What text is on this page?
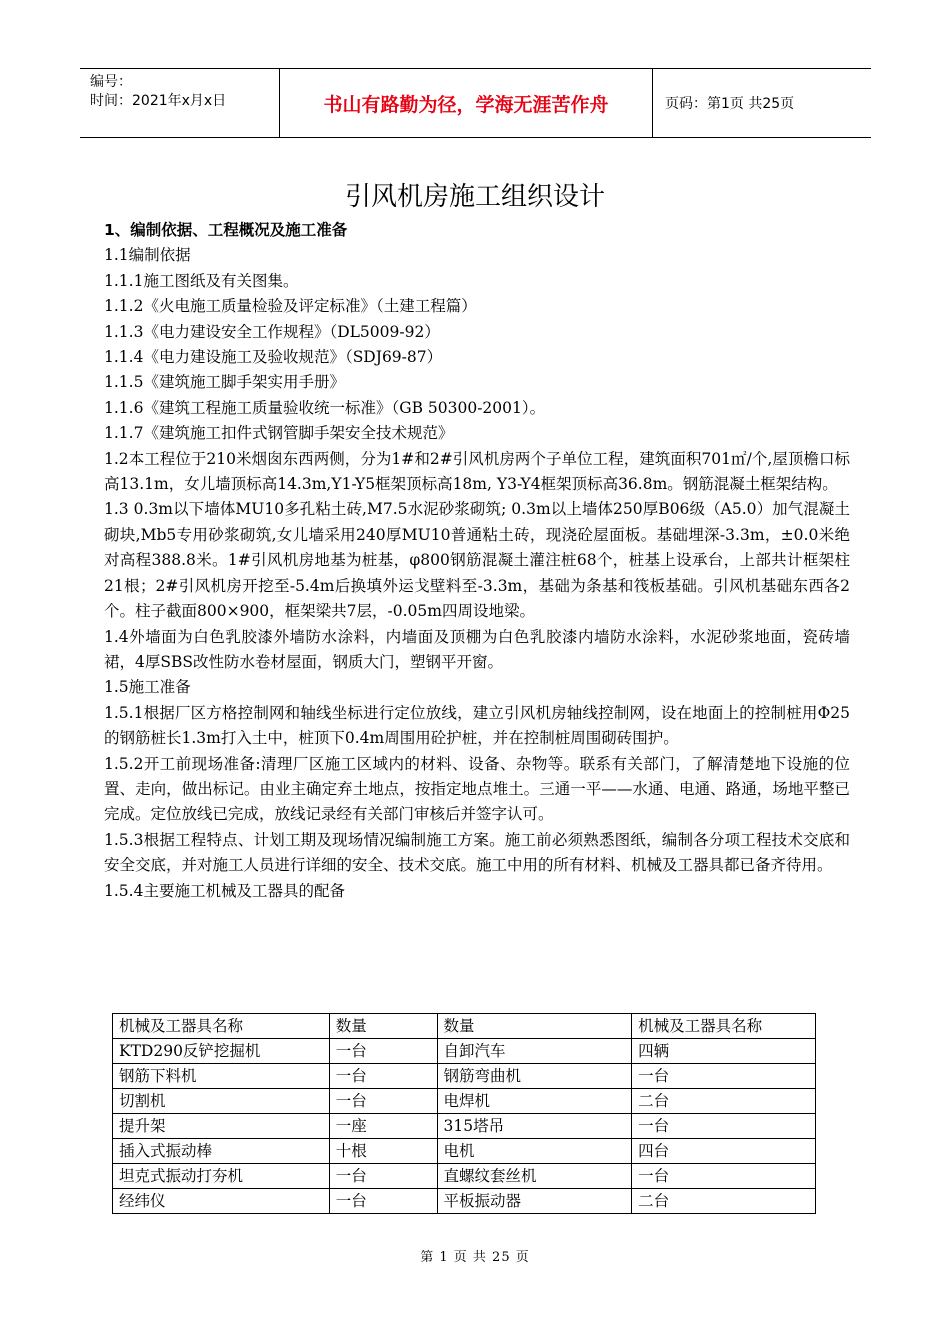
编号：
时间：2021年x月x日	书山有路勤为径，学海无涯苦作舟	页码：第1页 共25页
引风机房施工组织设计

1、编制依据、工程概况及施工准备

1.1编制依据

1.1.1施工图纸及有关图集。

1.1.2《火电施工质量检验及评定标准》（土建工程篇）

1.1.3《电力建设安全工作规程》（DL5009-92）

1.1.4《电力建设施工及验收规范》（SDJ69-87）

1.1.5《建筑施工脚手架实用手册》

1.1.6《建筑工程施工质量验收统一标准》（GB 50300-2001）。

1.1.7《建筑施工扣件式钢管脚手架安全技术规范》

1.2本工程位于210米烟囱东西两侧，分为1#和2#引风机房两个子单位工程，建筑面积701㎡/个,屋顶檐口标高13.1m，女儿墙顶标高14.3m,Y1-Y5框架顶标高18m, Y3-Y4框架顶标高36.8m。钢筋混凝土框架结构。

1.3 0.3m以下墙体MU10多孔粘土砖,M7.5水泥砂浆砌筑; 0.3m以上墙体250厚B06级（A5.0）加气混凝土砌块,Mb5专用砂浆砌筑,女儿墙采用240厚MU10普通粘土砖，现浇砼屋面板。基础埋深-3.3m，±0.0米绝对高程388.8米。1#引风机房地基为桩基，φ800钢筋混凝土灌注桩68个，桩基上设承台，上部共计框架柱21根；2#引风机房开挖至-5.4m后换填外运戈壁料至-3.3m，基础为条基和筏板基础。引风机基础东西各2个。柱子截面800×900，框架梁共7层，-0.05m四周设地梁。

1.4外墙面为白色乳胶漆外墙防水涂料，内墙面及顶棚为白色乳胶漆内墙防水涂料，水泥砂浆地面，瓷砖墙裙，4厚SBS改性防水卷材屋面，钢质大门，塑钢平开窗。

1.5施工准备

1.5.1根据厂区方格控制网和轴线坐标进行定位放线，建立引风机房轴线控制网，设在地面上的控制桩用Φ25的钢筋桩长1.3m打入土中，桩顶下0.4m周围用砼护桩，并在控制桩周围砌砖围护。

1.5.2开工前现场准备:清理厂区施工区域内的材料、设备、杂物等。联系有关部门，了解清楚地下设施的位置、走向，做出标记。由业主确定弃土地点，按指定地点堆土。三通一平——水通、电通、路通，场地平整已完成。定位放线已完成，放线记录经有关部门审核后并签字认可。

1.5.3根据工程特点、计划工期及现场情况编制施工方案。施工前必须熟悉图纸，编制各分项工程技术交底和安全交底，并对施工人员进行详细的安全、技术交底。施工中用的所有材料、机械及工器具都已备齐待用。

1.5.4主要施工机械及工器具的配备

机械及工器具名称	数量	数量	机械及工器具名称
KTD290反铲挖掘机	一台	自卸汽车	四辆
钢筋下料机	一台	钢筋弯曲机	一台
切割机	一台	电焊机	二台
提升架	一座	315塔吊	一台
插入式振动棒	十根	电机	四台
坦克式振动打夯机	一台	直螺纹套丝机	一台
经纬仪	一台	平板振动器	二台
第 1 页 共 25 页
